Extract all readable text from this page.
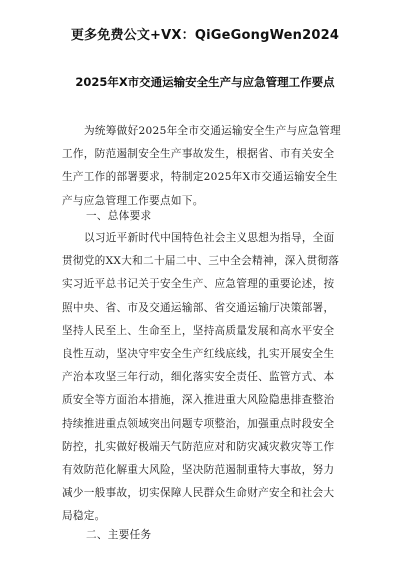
更多免费公文+VX：QiGeGongWen2024
2025年X市交通运输安全生产与应急管理工作要点
为统筹做好2025年全市交通运输安全生产与应急管理
工作，防范遏制安全生产事故发生，根据省、市有关安全
生产工作的部署要求，特制定2025年X市交通运输安全生
产与应急管理工作要点如下。
一、总体要求
以习近平新时代中国特色社会主义思想为指导，全面
贯彻党的XX大和二十届二中、三中全会精神，深入贯彻落
实习近平总书记关于安全生产、应急管理的重要论述，按
照中央、省、市及交通运输部、省交通运输厅决策部署，
坚持人民至上、生命至上，坚持高质量发展和高水平安全
良性互动，坚决守牢安全生产红线底线，扎实开展安全生
产治本攻坚三年行动，细化落实安全责任、监管方式、本
质安全等方面治本措施，深入推进重大风险隐患排查整治
持续推进重点领域突出问题专项整治，加强重点时段安全
防控，扎实做好极端天气防范应对和防灾减灾救灾等工作
有效防范化解重大风险，坚决防范遏制重特大事故，努力
减少一般事故，切实保障人民群众生命财产安全和社会大
局稳定。
二、主要任务
